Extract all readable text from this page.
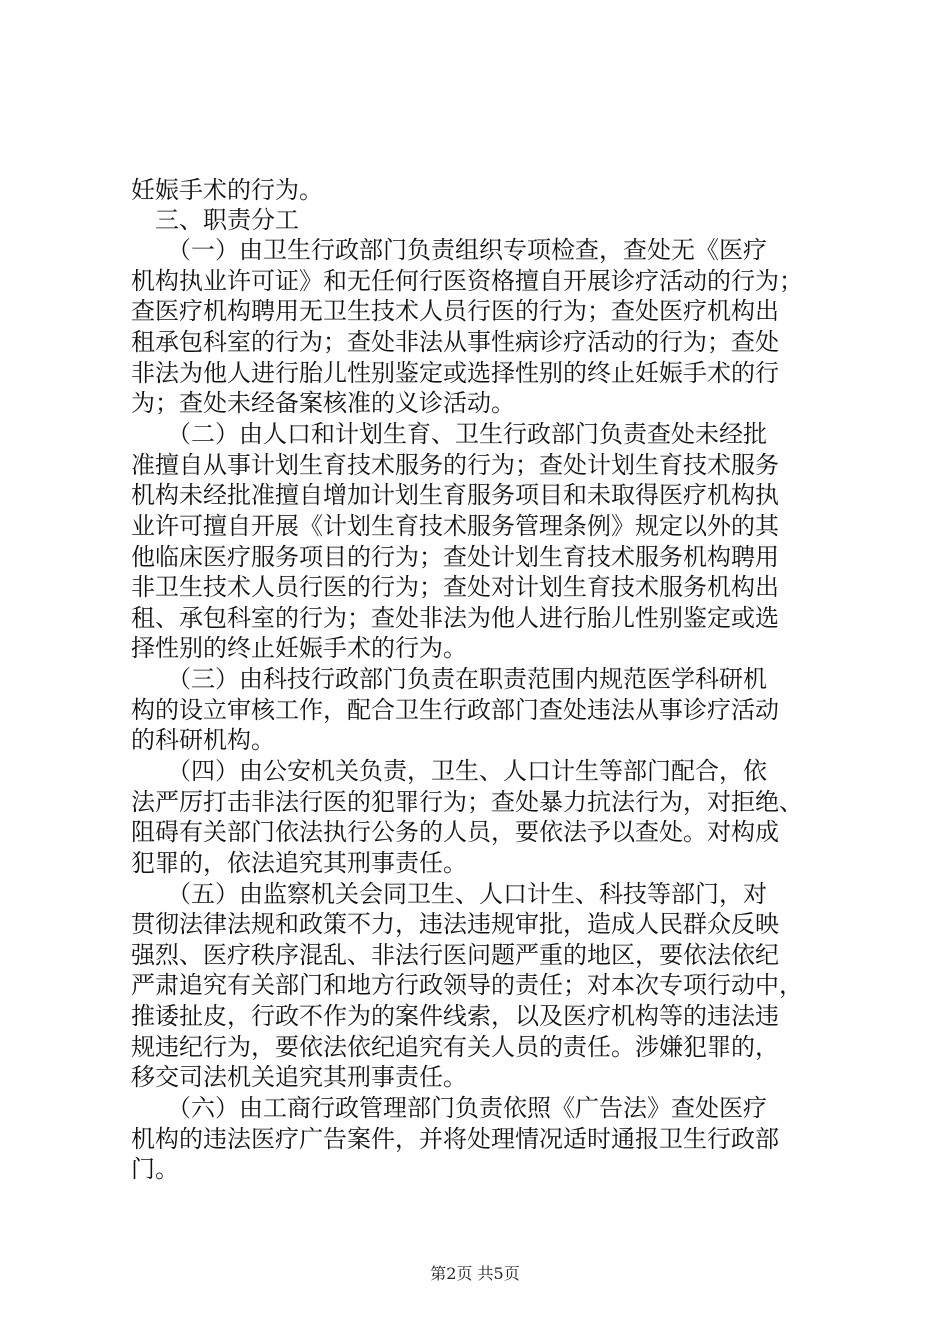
妊娠手术的行为。
　三、职责分工
　　（一）由卫生行政部门负责组织专项检查，查处无《医疗
机构执业许可证》和无任何行医资格擅自开展诊疗活动的行为；
查医疗机构聘用无卫生技术人员行医的行为；查处医疗机构出
租承包科室的行为；查处非法从事性病诊疗活动的行为；查处
非法为他人进行胎儿性别鉴定或选择性别的终止妊娠手术的行
为；查处未经备案核准的义诊活动。
　　（二）由人口和计划生育、卫生行政部门负责查处未经批
准擅自从事计划生育技术服务的行为；查处计划生育技术服务
机构未经批准擅自增加计划生育服务项目和未取得医疗机构执
业许可擅自开展《计划生育技术服务管理条例》规定以外的其
他临床医疗服务项目的行为；查处计划生育技术服务机构聘用
非卫生技术人员行医的行为；查处对计划生育技术服务机构出
租、承包科室的行为；查处非法为他人进行胎儿性别鉴定或选
择性别的终止妊娠手术的行为。
　　（三）由科技行政部门负责在职责范围内规范医学科研机
构的设立审核工作，配合卫生行政部门查处违法从事诊疗活动
的科研机构。
　　（四）由公安机关负责，卫生、人口计生等部门配合，依
法严厉打击非法行医的犯罪行为；查处暴力抗法行为，对拒绝、
阻碍有关部门依法执行公务的人员，要依法予以查处。对构成
犯罪的，依法追究其刑事责任。
　　（五）由监察机关会同卫生、人口计生、科技等部门，对
贯彻法律法规和政策不力，违法违规审批，造成人民群众反映
强烈、医疗秩序混乱、非法行医问题严重的地区，要依法依纪
严肃追究有关部门和地方行政领导的责任；对本次专项行动中，
推诿扯皮，行政不作为的案件线索，以及医疗机构等的违法违
规违纪行为，要依法依纪追究有关人员的责任。涉嫌犯罪的，
移交司法机关追究其刑事责任。
　　（六）由工商行政管理部门负责依照《广告法》查处医疗
机构的违法医疗广告案件，并将处理情况适时通报卫生行政部
门。
第2页 共5页
